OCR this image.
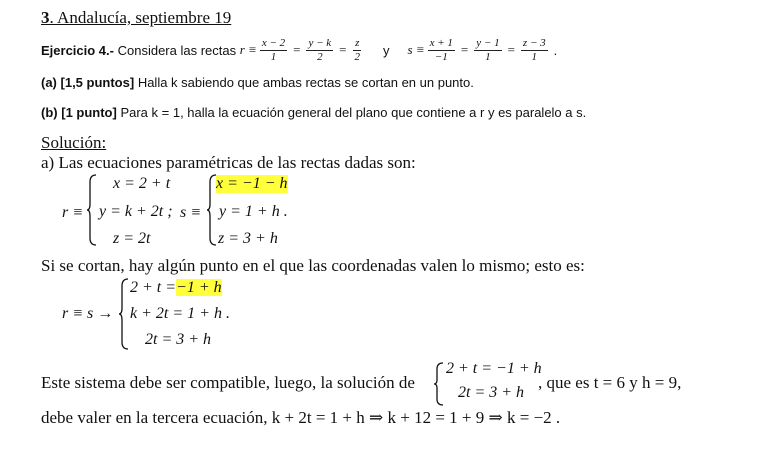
3. Andalucía, septiembre 19
Ejercicio 4.-
Considera las rectas
$r \equiv \frac{x - 2}{1} = \frac{y - k}{2} = \frac{z}{2}$ y $s \equiv \frac{x + 1}{-1} = \frac{y - 1}{1} = \frac{z - 3}{1}$ .
(a) [1,5 puntos] Halla k sabiendo que ambas rectas se cortan en un punto.
(b) [1 punto] Para k = 1, halla la ecuación general del plano que contiene a r y es paralelo a s.
Solución:
a) Las ecuaciones paramétricas de las rectas dadas son:
r ≡
x = 2 + t
y = k + 2t ;
z = 2t
s ≡
x = −1 − h
y = 1 + h .
z = 3 + h
Si se cortan, hay algún punto en el que las coordenadas valen lo mismo; esto es:
r ≡ s →
2 + t =−1 + h
k + 2t = 1 + h .
2t = 3 + h
Este sistema debe ser compatible, luego, la solución de
2 + t = −1 + h
2t = 3 + h
, que es t = 6 y h = 9,
debe valer en la tercera ecuación, k + 2t = 1 + h ⇒ k + 12 = 1 + 9 ⇒ k = −2 .
